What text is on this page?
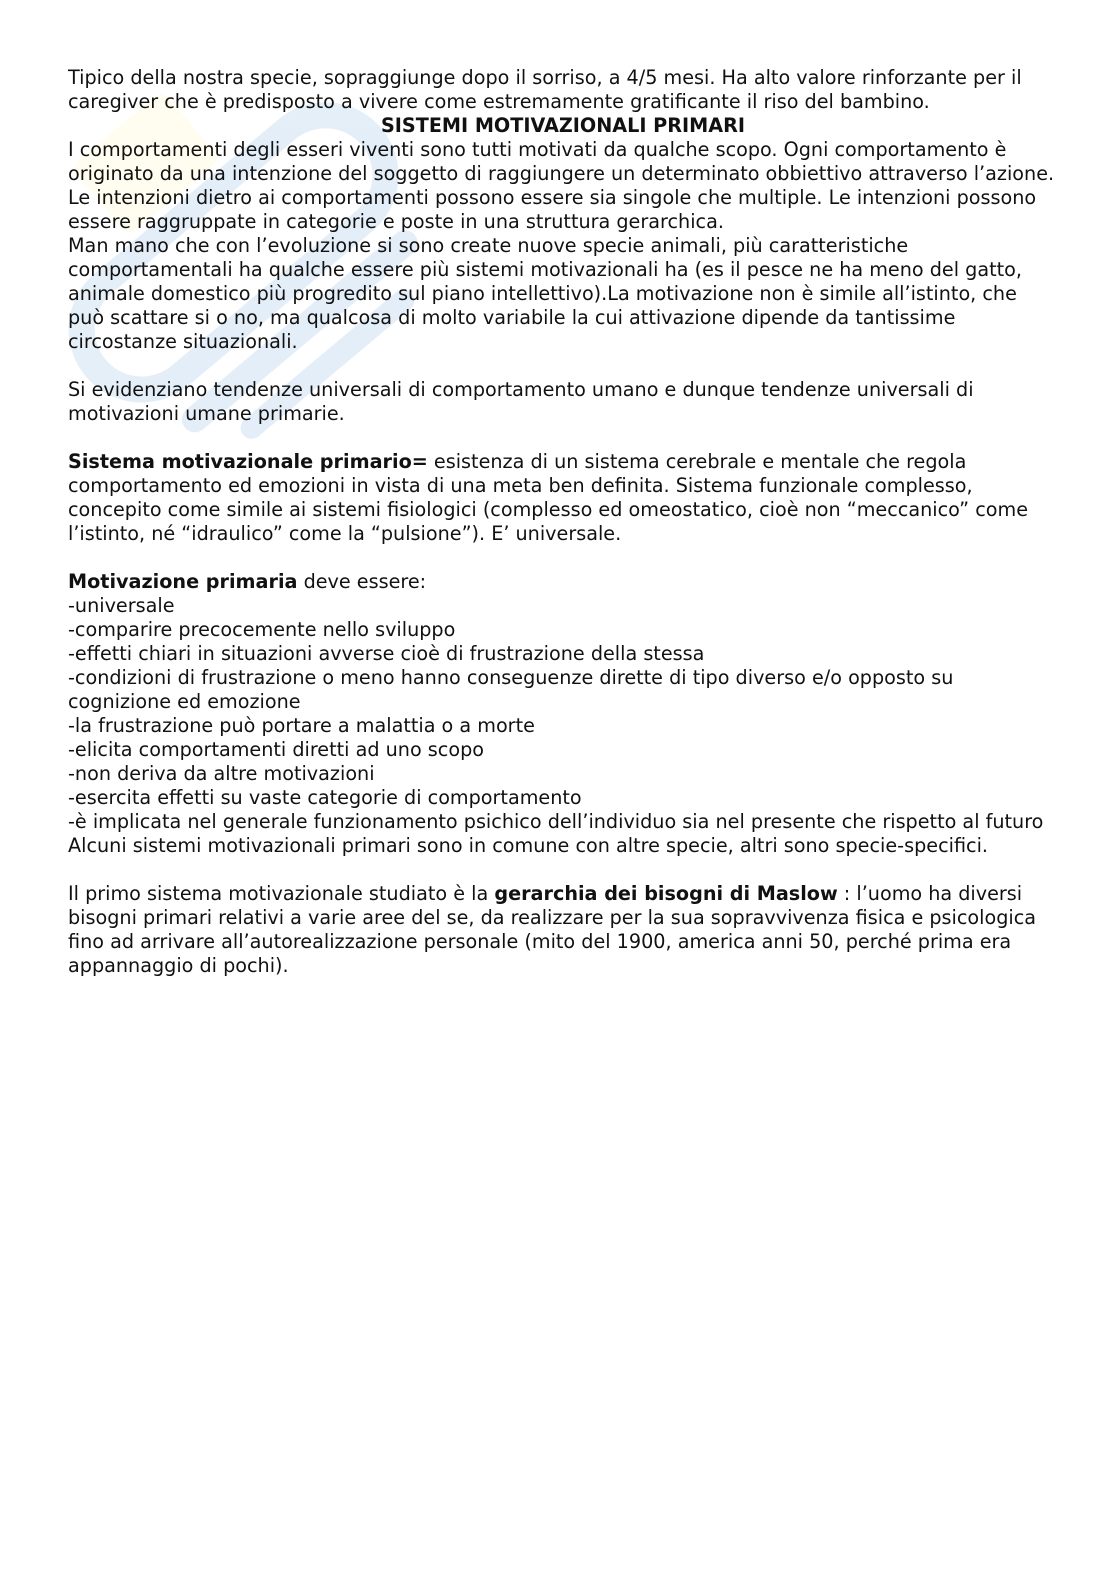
Tipico della nostra specie, sopraggiunge dopo il sorriso, a 4/5 mesi. Ha alto valore rinforzante per il caregiver che è predisposto a vivere come estremamente gratificante il riso del bambino.

SISTEMI MOTIVAZIONALI PRIMARI

I comportamenti degli esseri viventi sono tutti motivati da qualche scopo. Ogni comportamento è originato da una intenzione del soggetto di raggiungere un determinato obbiettivo attraverso l’azione. Le intenzioni dietro ai comportamenti possono essere sia singole che multiple. Le intenzioni possono essere raggruppate in categorie e poste in una struttura gerarchica.

Man mano che con l’evoluzione si sono create nuove specie animali, più caratteristiche comportamentali ha qualche essere più sistemi motivazionali ha (es il pesce ne ha meno del gatto, animale domestico più progredito sul piano intellettivo).La motivazione non è simile all’istinto, che può scattare si o no, ma qualcosa di molto variabile la cui attivazione dipende da tantissime circostanze situazionali.

Si evidenziano tendenze universali di comportamento umano e dunque tendenze universali di motivazioni umane primarie.

Sistema motivazionale primario= esistenza di un sistema cerebrale e mentale che regola comportamento ed emozioni in vista di una meta ben definita. Sistema funzionale complesso, concepito come simile ai sistemi fisiologici (complesso ed omeostatico, cioè non “meccanico” come l’istinto, né “idraulico” come la “pulsione”). E’ universale.

Motivazione primaria deve essere:

-universale
-comparire precocemente nello sviluppo
-effetti chiari in situazioni avverse cioè di frustrazione della stessa
-condizioni di frustrazione o meno hanno conseguenze dirette di tipo diverso e/o opposto su cognizione ed emozione
-la frustrazione può portare a malattia o a morte
-elicita comportamenti diretti ad uno scopo
-non deriva da altre motivazioni
-esercita effetti su vaste categorie di comportamento
-è implicata nel generale funzionamento psichico dell’individuo sia nel presente che rispetto al futuro

Alcuni sistemi motivazionali primari sono in comune con altre specie, altri sono specie-specifici.

Il primo sistema motivazionale studiato è la gerarchia dei bisogni di Maslow : l’uomo ha diversi bisogni primari relativi a varie aree del se, da realizzare per la sua sopravvivenza fisica e psicologica fino ad arrivare all’autorealizzazione personale (mito del 1900, america anni 50, perché prima era appannaggio di pochi).
